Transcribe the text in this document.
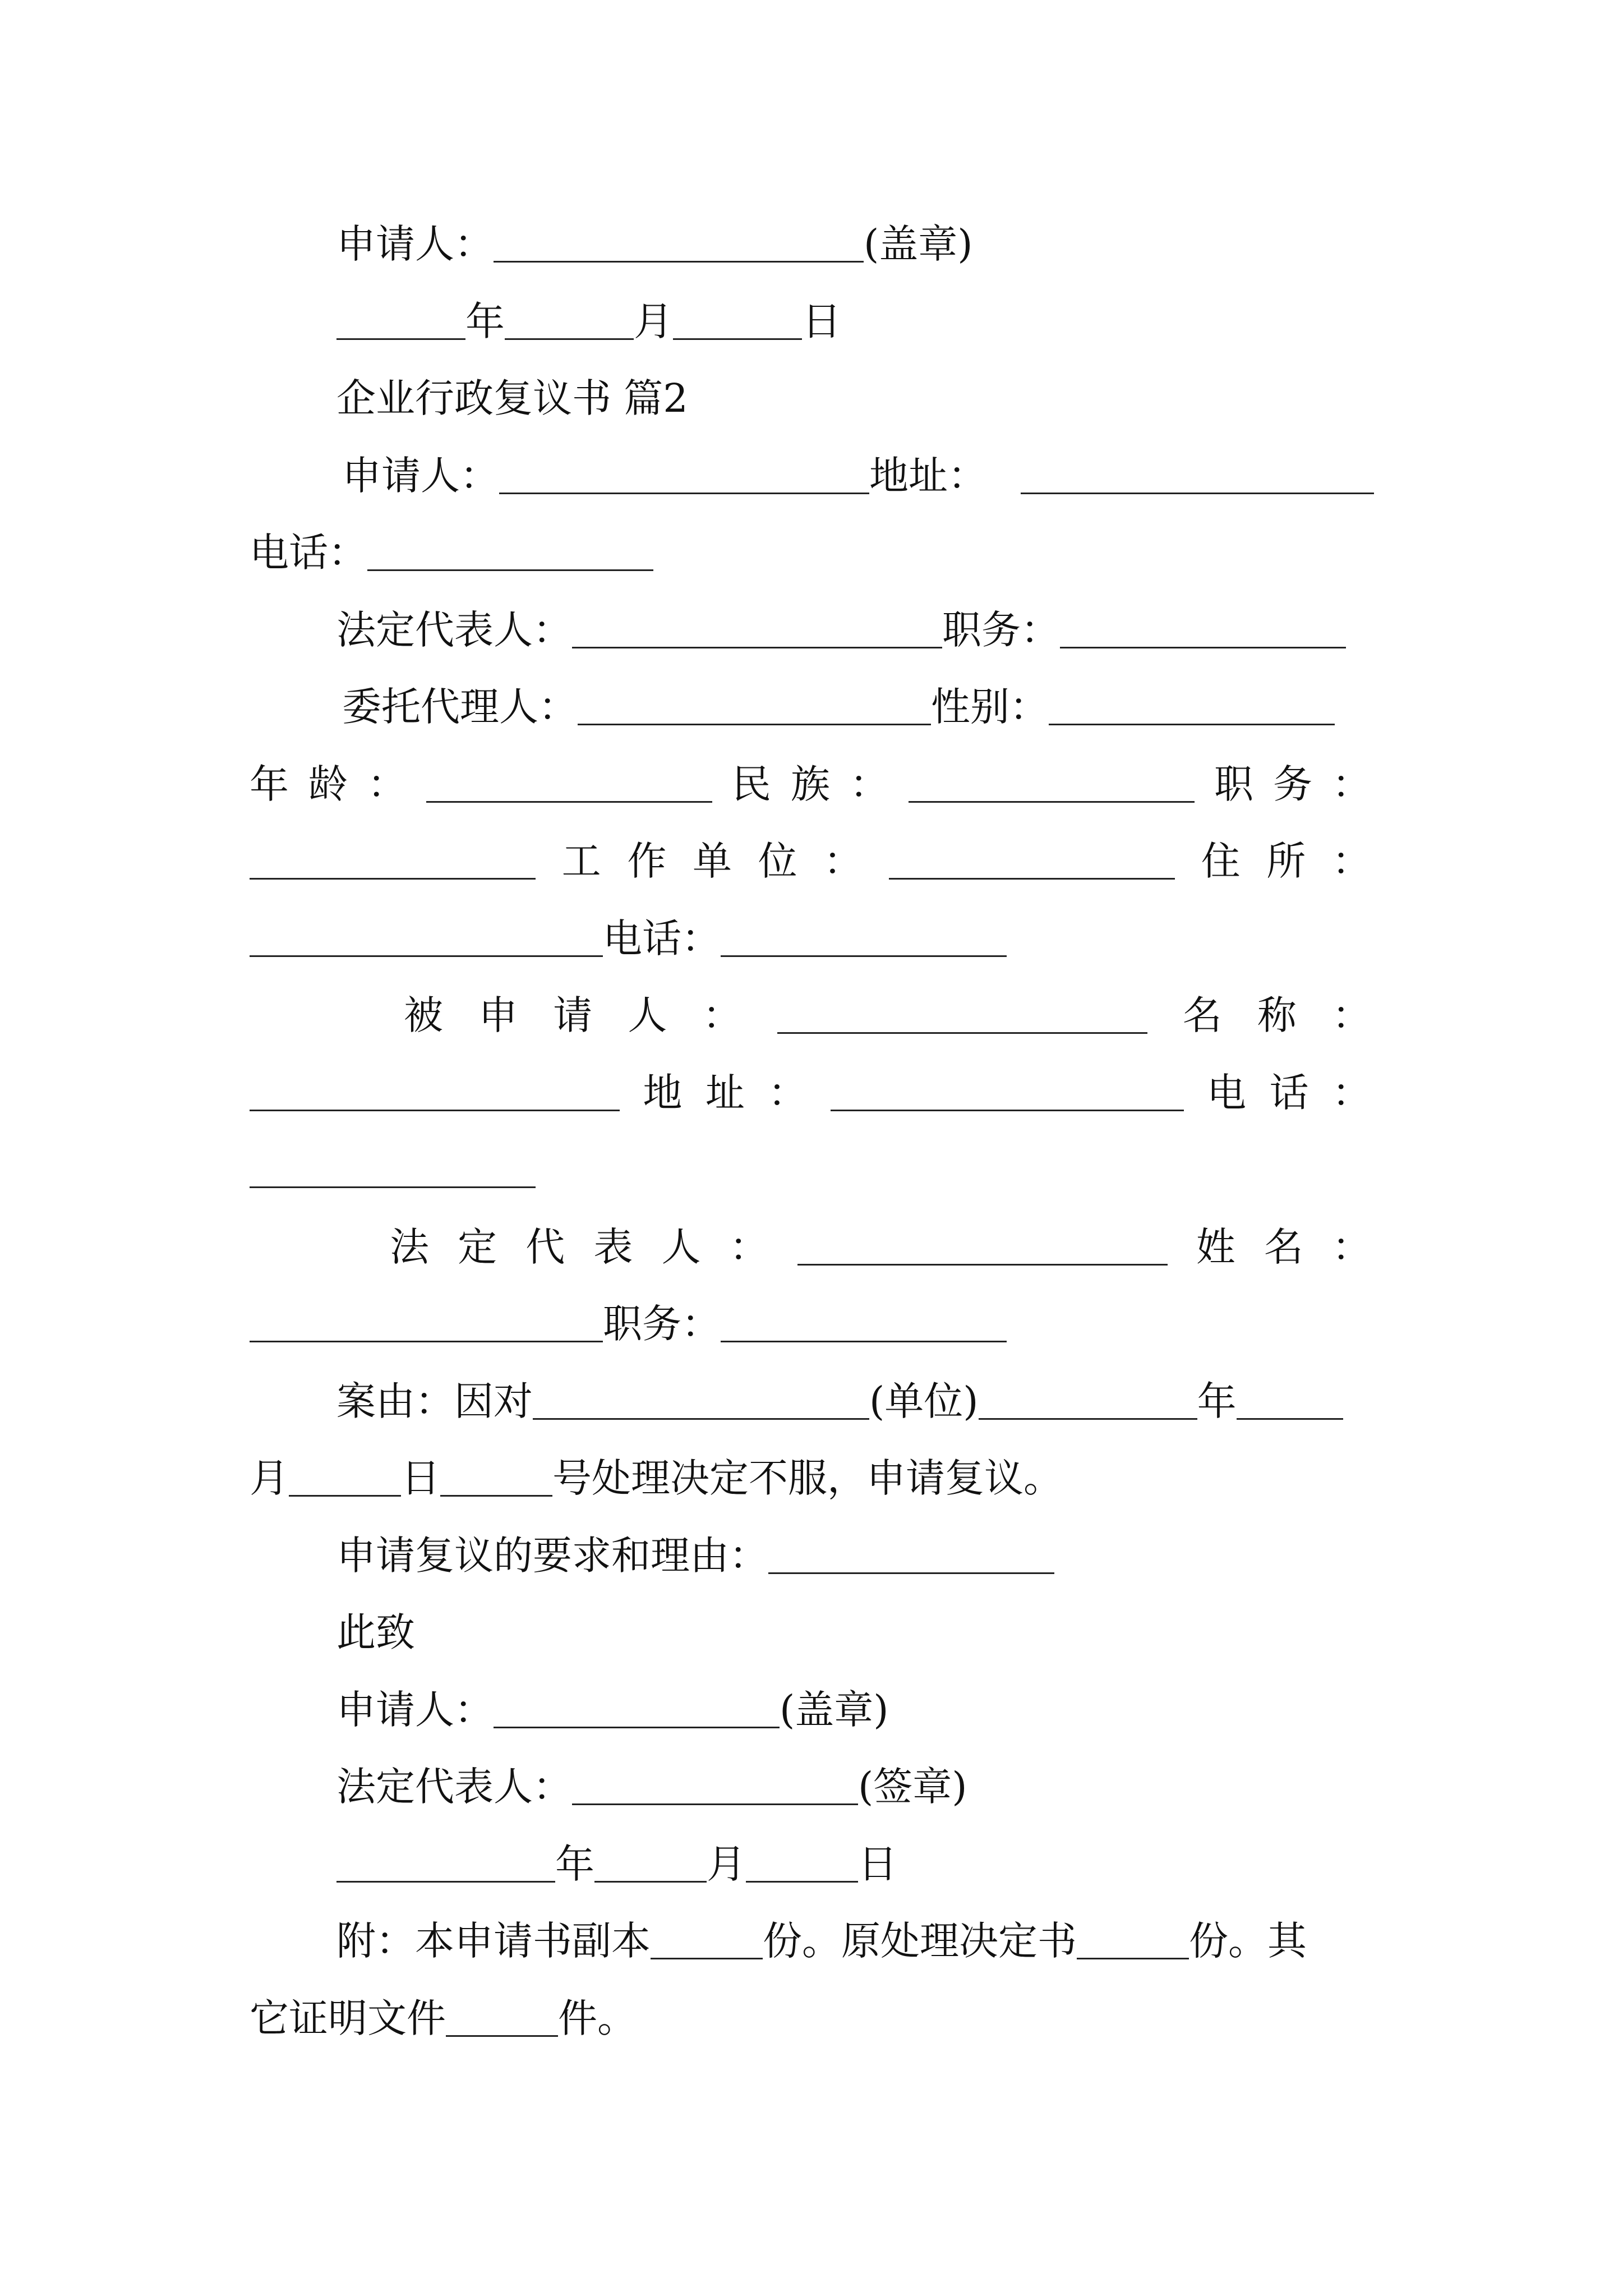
申请人：	(盖章)
年	月	日
企业行政复议书 篇2
申请人：	地址：
电话：
法定代表人：	职务：
委托代理人：	性别：
年 龄 ：	民 族 ：	职 务 ：
工 作 单 位 ：	住 所 ：
电话：
被 申 请 人 ：	名 称 ：
地 址 ：	电 话 ：
法 定 代 表 人 ：	姓 名 ：
职务：
案由：因对	(单位)	年
月	日	号处理决定不服，申请复议。
申请复议的要求和理由：
此致
申请人：	(盖章)
法定代表人：	(签章)
年	月	日
附：本申请书副本	份。原处理决定书	份。其
它证明文件	件。
